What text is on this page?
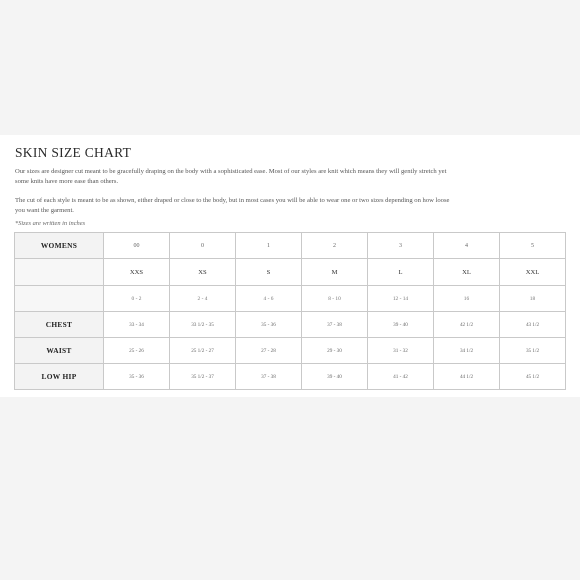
SKIN SIZE CHART

Our sizes are designer cut meant to be gracefully draping on the body with a sophisticated ease. Most of our styles are knit which means they will gently stretch yet some knits have more ease than others.

The cut of each style is meant to be as shown, either draped or close to the body, but in most cases you will be able to wear one or two sizes depending on how loose you want the garment.

*Sizes are written in inches

WOMENS	00	0	1	2	3	4	5
	XXS	XS	S	M	L	XL	XXL
	0 - 2	2 - 4	4 - 6	8 - 10	12 - 14	16	18
CHEST	33 - 34	33 1/2 - 35	35 - 36	37 - 38	39 - 40	42 1/2	43 1/2
WAIST	25 - 26	25 1/2 - 27	27 - 28	29 - 30	31 - 32	34 1/2	35 1/2
LOW HIP	35 - 36	35 1/2 - 37	37 - 38	39 - 40	41 - 42	44 1/2	45 1/2
